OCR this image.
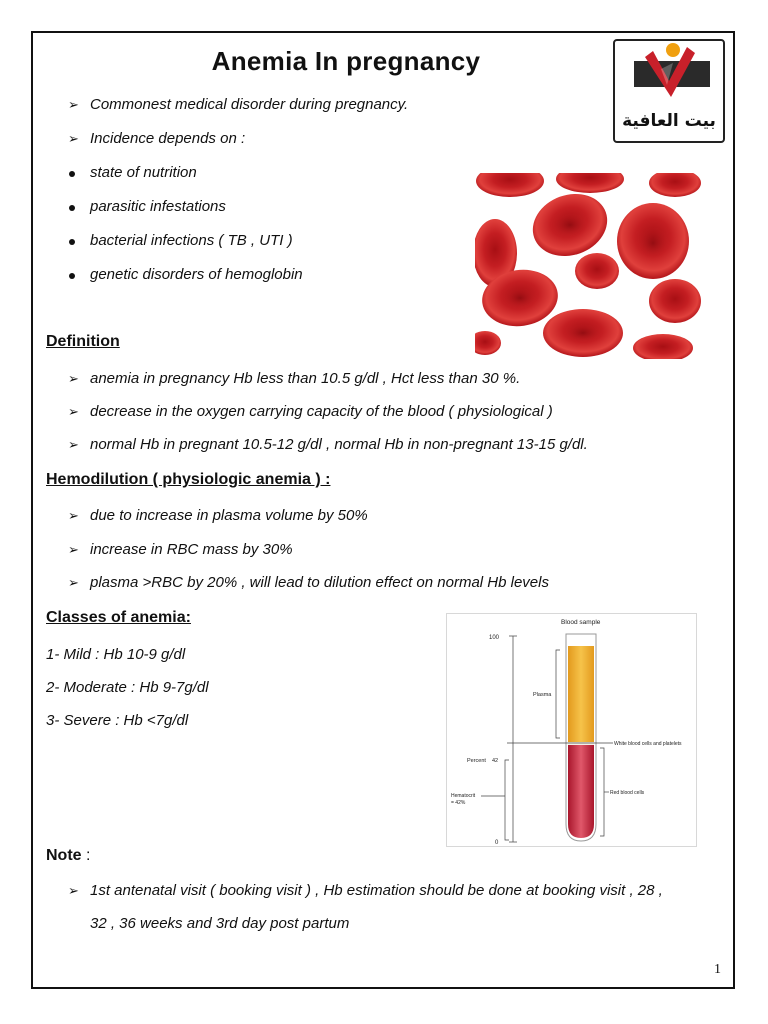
Anemia In pregnancy
بيت العافية
➢ Commonest medical disorder during pregnancy.
➢ Incidence depends on :
state of nutrition
parasitic infestations
bacterial infections ( TB , UTI )
genetic disorders of hemoglobin
Definition
➢ anemia in pregnancy Hb less than 10.5 g/dl , Hct less than 30 %.
➢ decrease in the oxygen carrying capacity of the blood ( physiological )
➢ normal Hb in pregnant 10.5-12 g/dl , normal Hb in non-pregnant 13-15 g/dl.
Hemodilution ( physiologic anemia ) :
➢ due to increase in plasma volume by 50%
➢ increase in RBC mass by 30%
➢ plasma >RBC by 20% , will lead to dilution effect on normal Hb levels
Classes of anemia:
1- Mild : Hb 10-9 g/dl
2- Moderate : Hb 9-7g/dl
3- Severe : Hb <7g/dl
Blood sample
100
0
Plasma
White blood cells and platelets
Red blood cells
Percent 42
Hematocrit
= 42%
Note :
➢ 1st antenatal visit ( booking visit ) , Hb estimation should be done at booking visit , 28 ,
32 , 36 weeks and 3rd day post partum
1
